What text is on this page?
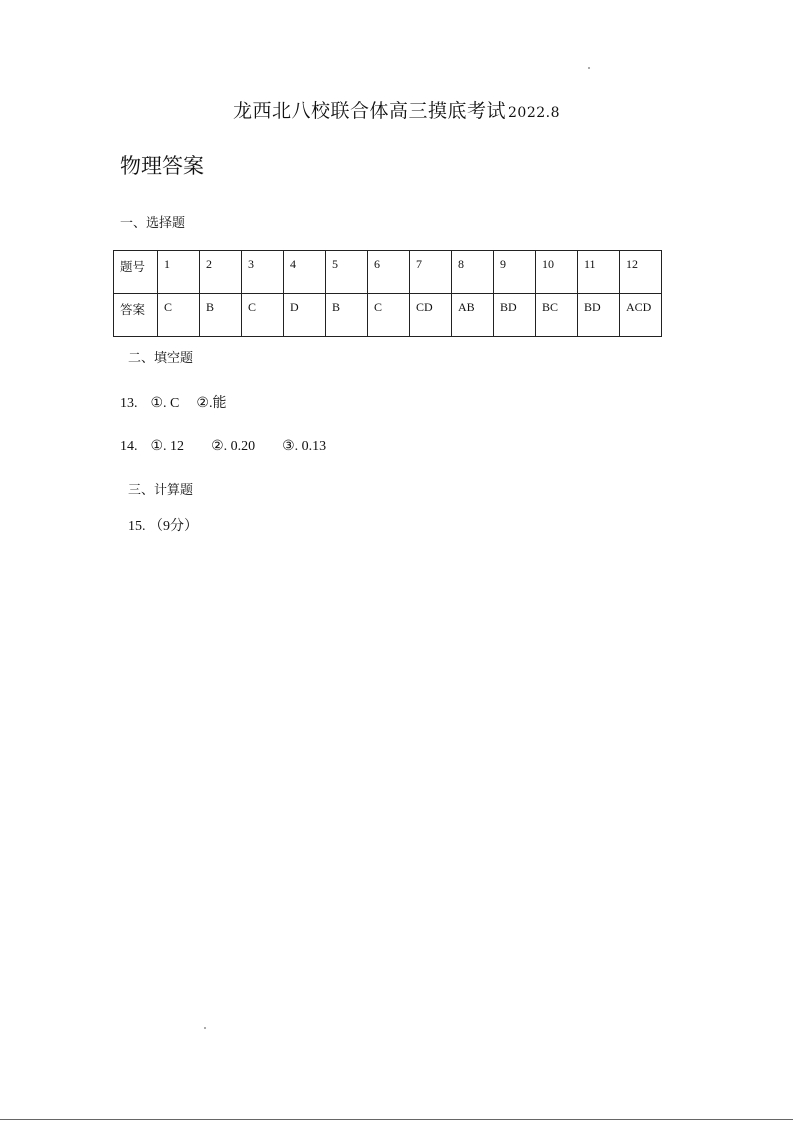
龙西北八校联合体高三摸底考试 2022.8
物理答案
一、选择题
题号	1	2	3	4	5	6	7	8	9	10	11	12
答案	C	B	C	D	B	C	CD	AB	BD	BC	BD	ACD
二、填空题
13. ①. C ②.能
14. ①. 12 ②. 0.20 ③. 0.13
三、计算题
15. （9分）
